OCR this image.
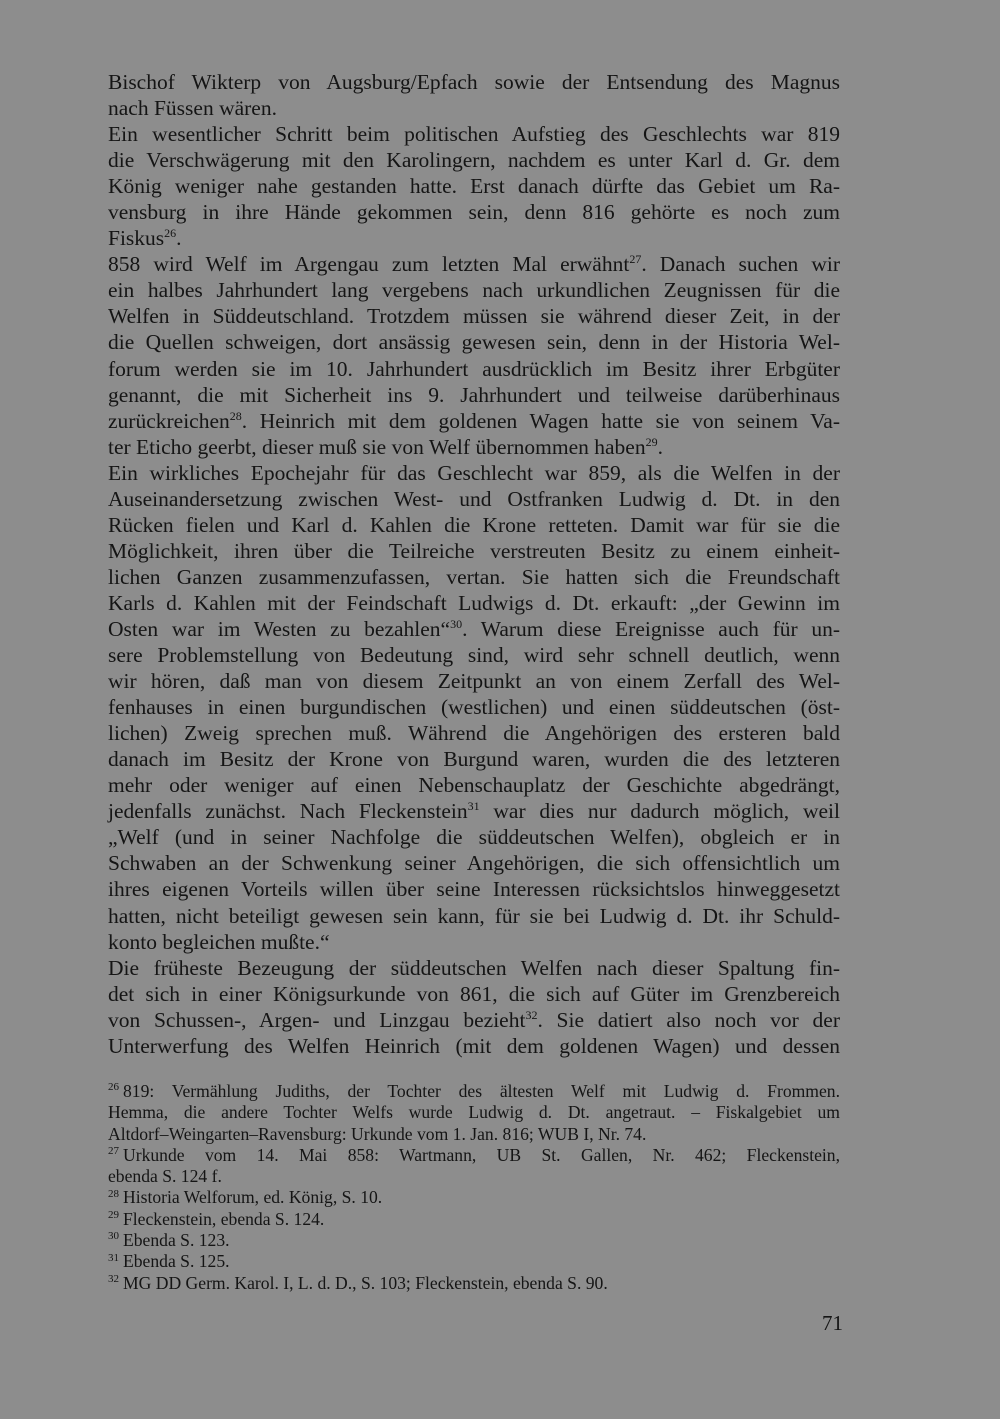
Bischof Wikterp von Augsburg/Epfach sowie der Entsendung des Magnus
nach Füssen wären.
Ein wesentlicher Schritt beim politischen Aufstieg des Geschlechts war 819
die Verschwägerung mit den Karolingern, nachdem es unter Karl d. Gr. dem
König weniger nahe gestanden hatte. Erst danach dürfte das Gebiet um Ra-
vensburg in ihre Hände gekommen sein, denn 816 gehörte es noch zum
Fiskus$^{26}$.
858 wird Welf im Argengau zum letzten Mal erwähnt$^{27}$. Danach suchen wir
ein halbes Jahrhundert lang vergebens nach urkundlichen Zeugnissen für die
Welfen in Süddeutschland. Trotzdem müssen sie während dieser Zeit, in der
die Quellen schweigen, dort ansässig gewesen sein, denn in der Historia Wel-
forum werden sie im 10. Jahrhundert ausdrücklich im Besitz ihrer Erbgüter
genannt, die mit Sicherheit ins 9. Jahrhundert und teilweise darüberhinaus
zurückreichen$^{28}$. Heinrich mit dem goldenen Wagen hatte sie von seinem Va-
ter Eticho geerbt, dieser muß sie von Welf übernommen haben$^{29}$.
Ein wirkliches Epochejahr für das Geschlecht war 859, als die Welfen in der
Auseinandersetzung zwischen West- und Ostfranken Ludwig d. Dt. in den
Rücken fielen und Karl d. Kahlen die Krone retteten. Damit war für sie die
Möglichkeit, ihren über die Teilreiche verstreuten Besitz zu einem einheit-
lichen Ganzen zusammenzufassen, vertan. Sie hatten sich die Freundschaft
Karls d. Kahlen mit der Feindschaft Ludwigs d. Dt. erkauft: „der Gewinn im
Osten war im Westen zu bezahlen“$^{30}$. Warum diese Ereignisse auch für un-
sere Problemstellung von Bedeutung sind, wird sehr schnell deutlich, wenn
wir hören, daß man von diesem Zeitpunkt an von einem Zerfall des Wel-
fenhauses in einen burgundischen (westlichen) und einen süddeutschen (öst-
lichen) Zweig sprechen muß. Während die Angehörigen des ersteren bald
danach im Besitz der Krone von Burgund waren, wurden die des letzteren
mehr oder weniger auf einen Nebenschauplatz der Geschichte abgedrängt,
jedenfalls zunächst. Nach Fleckenstein$^{31}$ war dies nur dadurch möglich, weil
„Welf (und in seiner Nachfolge die süddeutschen Welfen), obgleich er in
Schwaben an der Schwenkung seiner Angehörigen, die sich offensichtlich um
ihres eigenen Vorteils willen über seine Interessen rücksichtslos hinweggesetzt
hatten, nicht beteiligt gewesen sein kann, für sie bei Ludwig d. Dt. ihr Schuld-
konto begleichen mußte.“
Die früheste Bezeugung der süddeutschen Welfen nach dieser Spaltung fin-
det sich in einer Königsurkunde von 861, die sich auf Güter im Grenzbereich
von Schussen-, Argen- und Linzgau bezieht$^{32}$. Sie datiert also noch vor der
Unterwerfung des Welfen Heinrich (mit dem goldenen Wagen) und dessen
$^{26}$ 819: Vermählung Judiths, der Tochter des ältesten Welf mit Ludwig d. Frommen.
Hemma, die andere Tochter Welfs wurde Ludwig d. Dt. angetraut. – Fiskalgebiet um
Altdorf–Weingarten–Ravensburg: Urkunde vom 1. Jan. 816; WUB I, Nr. 74.
$^{27}$ Urkunde vom 14. Mai 858: Wartmann, UB St. Gallen, Nr. 462; Fleckenstein,
ebenda S. 124 f.
$^{28}$ Historia Welforum, ed. König, S. 10.
$^{29}$ Fleckenstein, ebenda S. 124.
$^{30}$ Ebenda S. 123.
$^{31}$ Ebenda S. 125.
$^{32}$ MG DD Germ. Karol. I, L. d. D., S. 103; Fleckenstein, ebenda S. 90.
71
